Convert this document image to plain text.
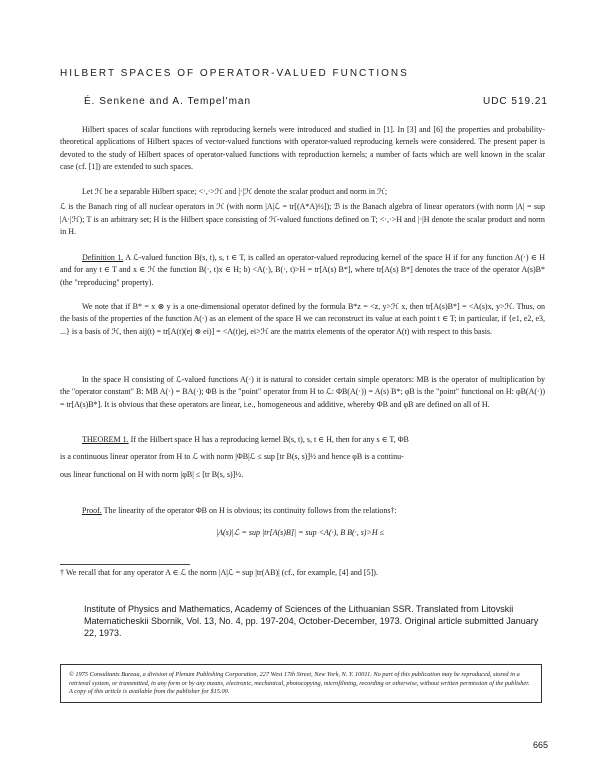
HILBERT SPACES OF OPERATOR-VALUED FUNCTIONS
É. Senkene and A. Tempel'man	UDC 519.21

Hilbert spaces of scalar functions with reproducing kernels were introduced and studied in [1]. In [3] and [6] the properties and probability-theoretical applications of Hilbert spaces of vector-valued functions with operator-valued reproducing kernels were considered. The present paper is devoted to the study of Hilbert spaces of operator-valued functions with reproduction kernels; a number of facts which are well known in the scalar case (cf. [1]) are extended to such spaces.

Let ℋ be a separable Hilbert space; <·,·>ℋ and |·|ℋ denote the scalar product and norm in ℋ;

ℒ is the Banach ring of all nuclear operators in ℋ (with norm |A|ℒ = tr[(A*A)½]); ℬ is the Banach algebra of linear operators (with norm |A| = sup |A·|ℋ); T is an arbitrary set; H is the Hilbert space consisting of ℋ-valued functions defined on T; <·,·>H and |·|H denote the scalar product and norm in H.

Definition 1. A ℒ-valued function B(s, t), s, t ∈ T, is called an operator-valued reproducing kernel of the space H if for any function A(·) ∈ H and for any t ∈ T and x ∈ ℋ the function B(·, t)x ∈ H; b) <A(·), B(·, t)>H = tr[A(s) B*], where tr[A(s) B*] denotes the trace of the operator A(s)B* (the "reproducing" property).

We note that if B* = x ⊗ y is a one-dimensional operator defined by the formula B*z = <z, y>ℋ x, then tr[A(s)B*] = <A(s)x, y>ℋ. Thus, on the basis of the properties of the function A(·) as an element of the space H we can reconstruct its value at each point t ∈ T; in particular, if {e1, e2, e3, ...} is a basis of ℋ, then aij(t) = tr[A(t)(ej ⊗ ei)] = <A(t)ej, ei>ℋ are the matrix elements of the operator A(t) with respect to this basis.

In the space H consisting of ℒ-valued functions A(·) it is natural to consider certain simple operators: MB is the operator of multiplication by the "operator constant" B: MB A(·) = BA(·); ΦB is the "point" operator from H to ℒ: ΦB(A(·)) = A(s) B*; φB is the "point" functional on H: φB(A(·)) = tr[A(s)B*]. It is obvious that these operators are linear, i.e., homogeneous and additive, whereby ΦB and φB are defined on all of H.

THEOREM 1. If the Hilbert space H has a reproducing kernel B(s, t), s, t ∈ H, then for any s ∈ T, ΦB

is a continuous linear operator from H to ℒ with norm |ΦB|ℒ ≤ sup [tr B(s, s)]½ and hence φB is a continu-

ous linear functional on H with norm |φB| ≤ [tr B(s, s)]½.

Proof. The linearity of the operator ΦB on H is obvious; its continuity follows from the relations†:

|A(s)|ℒ = sup |tr[A(s)B]| = sup <A(·), B B(·, s)>H ≤
† We recall that for any operator A ∈ ℒ the norm |A|ℒ = sup |tr(AB)| (cf., for example, [4] and [5]).
Institute of Physics and Mathematics, Academy of Sciences of the Lithuanian SSR. Translated from Litovskii Matematicheskii Sbornik, Vol. 13, No. 4, pp. 197-204, October-December, 1973. Original article submitted January 22, 1973.
© 1975 Consultants Bureau, a division of Plenum Publishing Corporation, 227 West 17th Street, New York, N. Y. 10011. No part of this publication may be reproduced, stored in a retrieval system, or transmitted, in any form or by any means, electronic, mechanical, photocopying, microfilming, recording or otherwise, without written permission of the publisher. A copy of this article is available from the publisher for $15.00.
665
